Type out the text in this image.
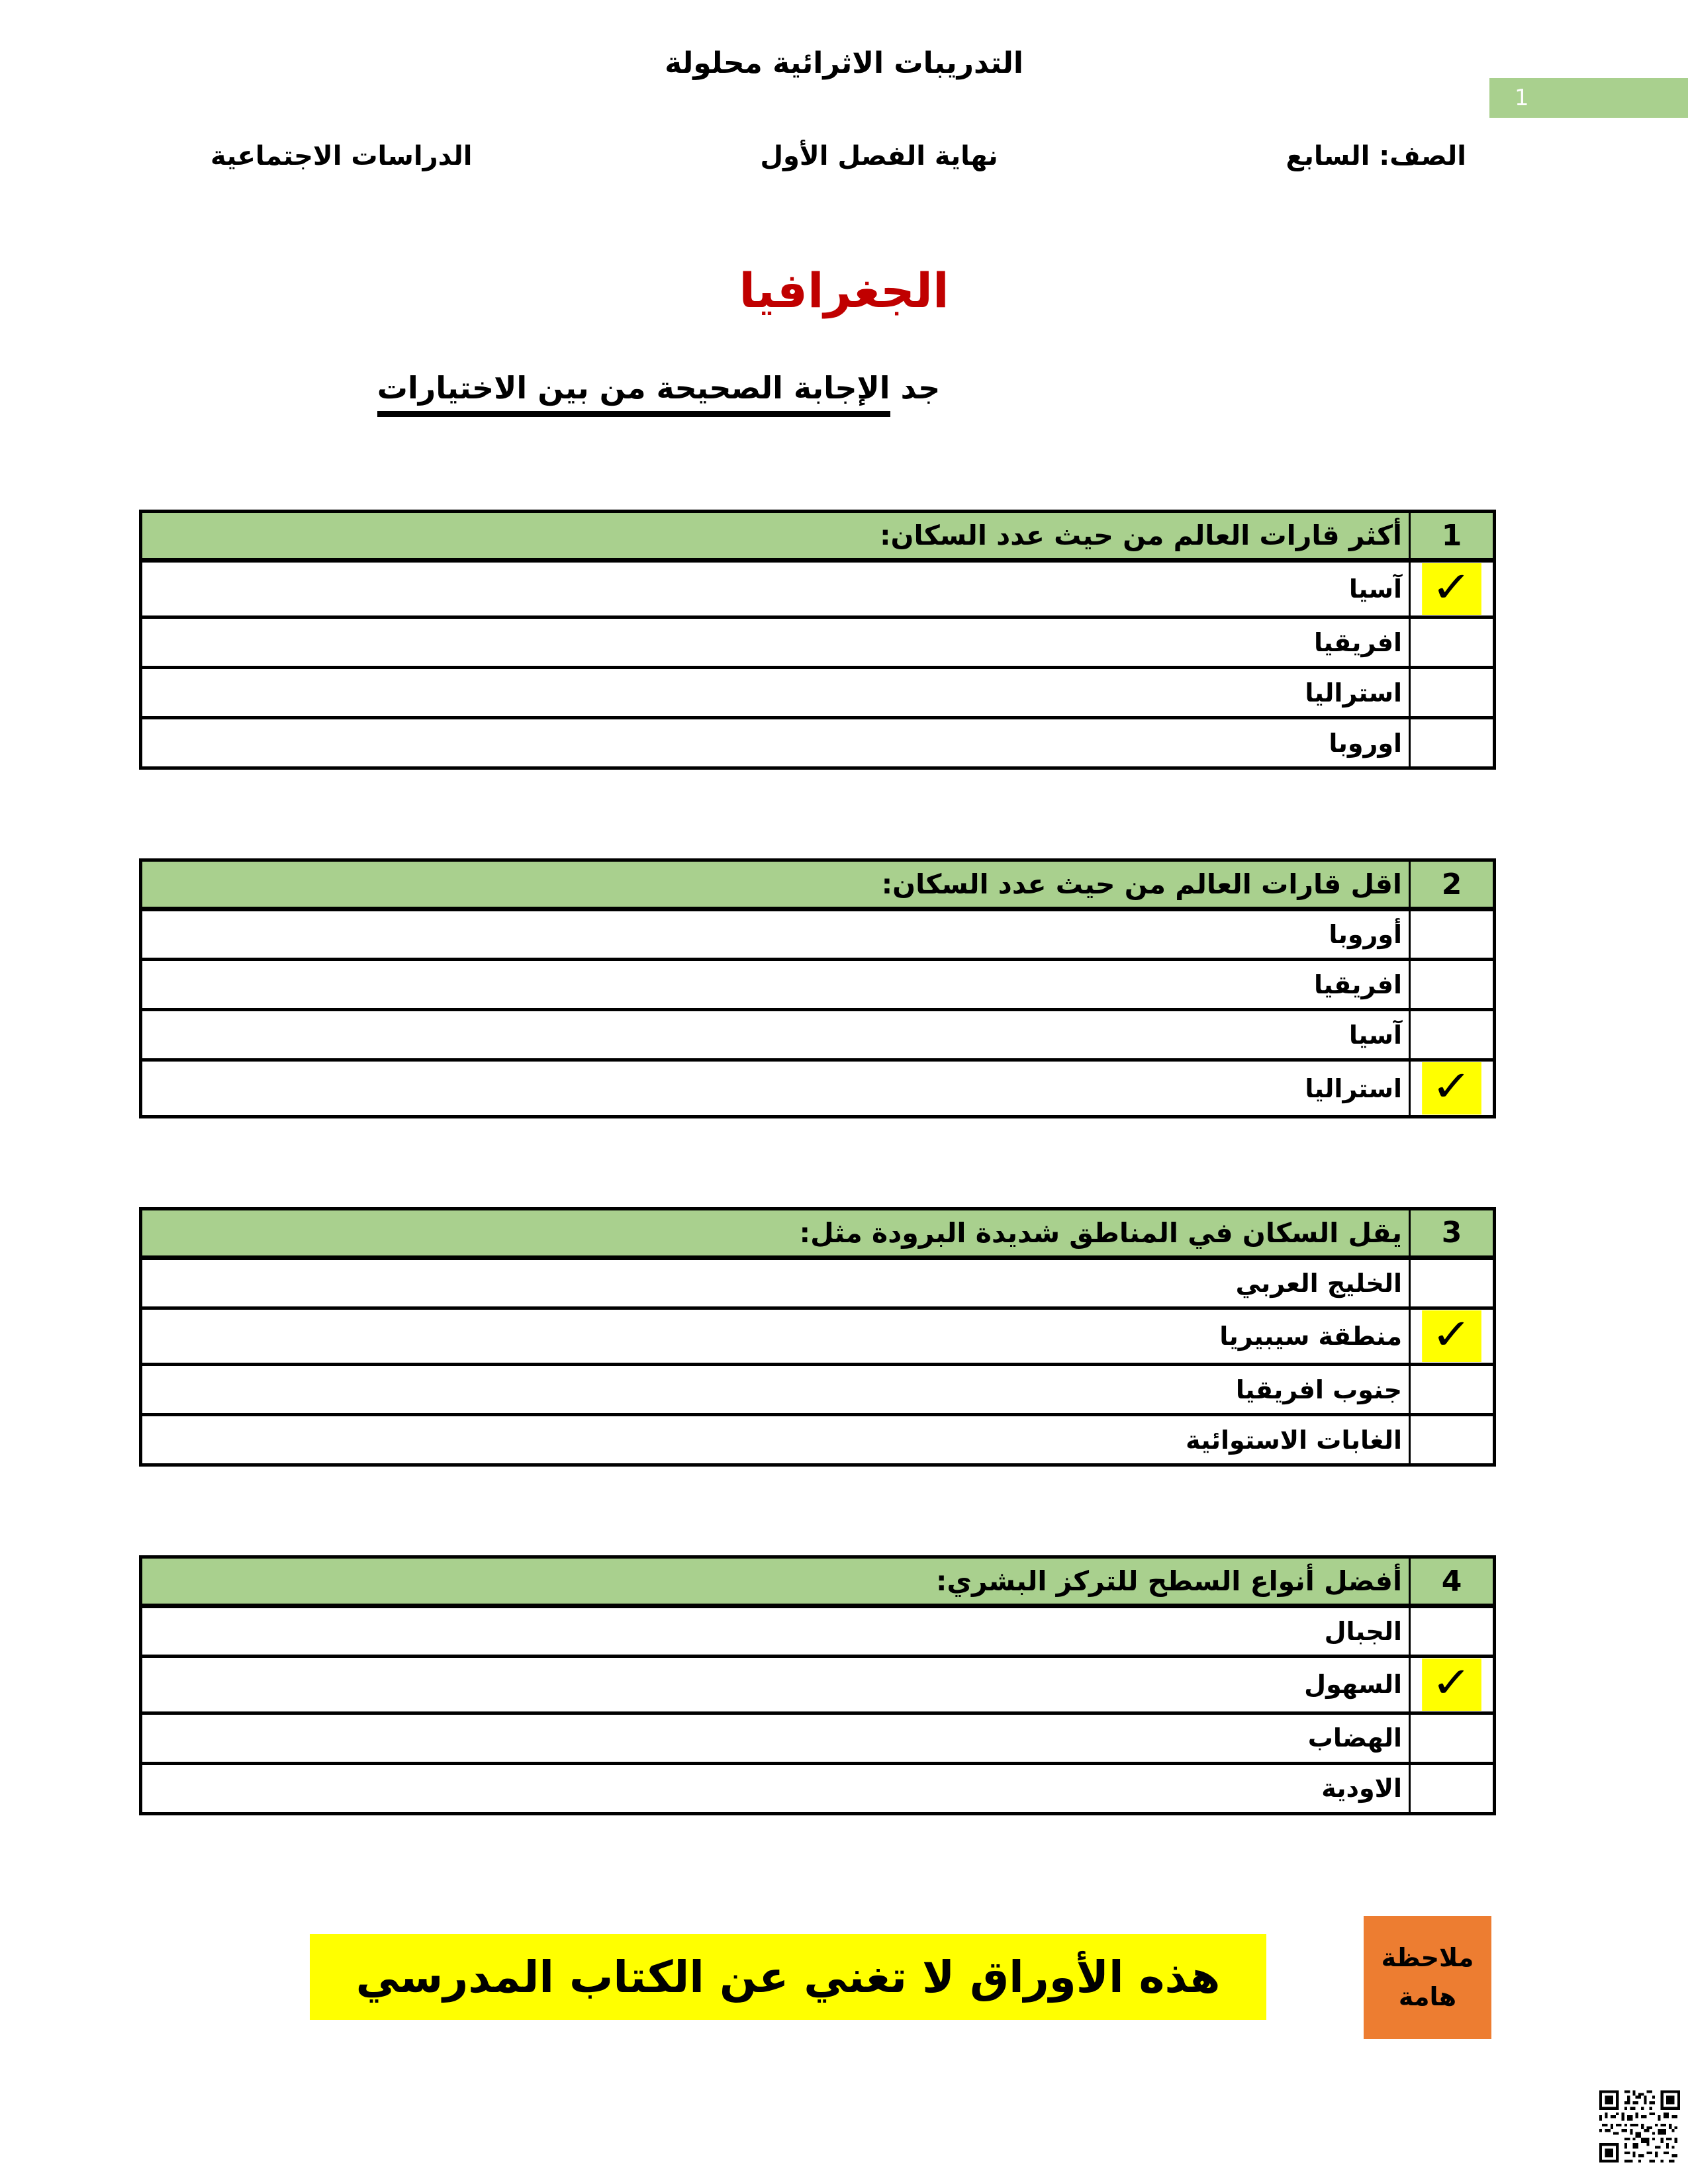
التدريبات الاثرائية محلولة
1
الصف: السابع
نهاية الفصل الأول
الدراسات الاجتماعية
الجغرافيا
جد الإجابة الصحيحة من بين الاختيارات
1	أكثر قارات العالم من حيث عدد السكان:
✓	آسيا
	افريقيا
	استراليا
	اوروبا
2	اقل قارات العالم من حيث عدد السكان:
	أوروبا
	افريقيا
	آسيا
✓	استراليا
3	يقل السكان في المناطق شديدة البرودة مثل:
	الخليج العربي
✓	منطقة سيبيريا
	جنوب افريقيا
	الغابات الاستوائية
4	أفضل أنواع السطح للتركز البشري:
	الجبال
✓	السهول
	الهضاب
	الاودية
هذه الأوراق لا تغني عن الكتاب المدرسي	ملاحظة
هامة
